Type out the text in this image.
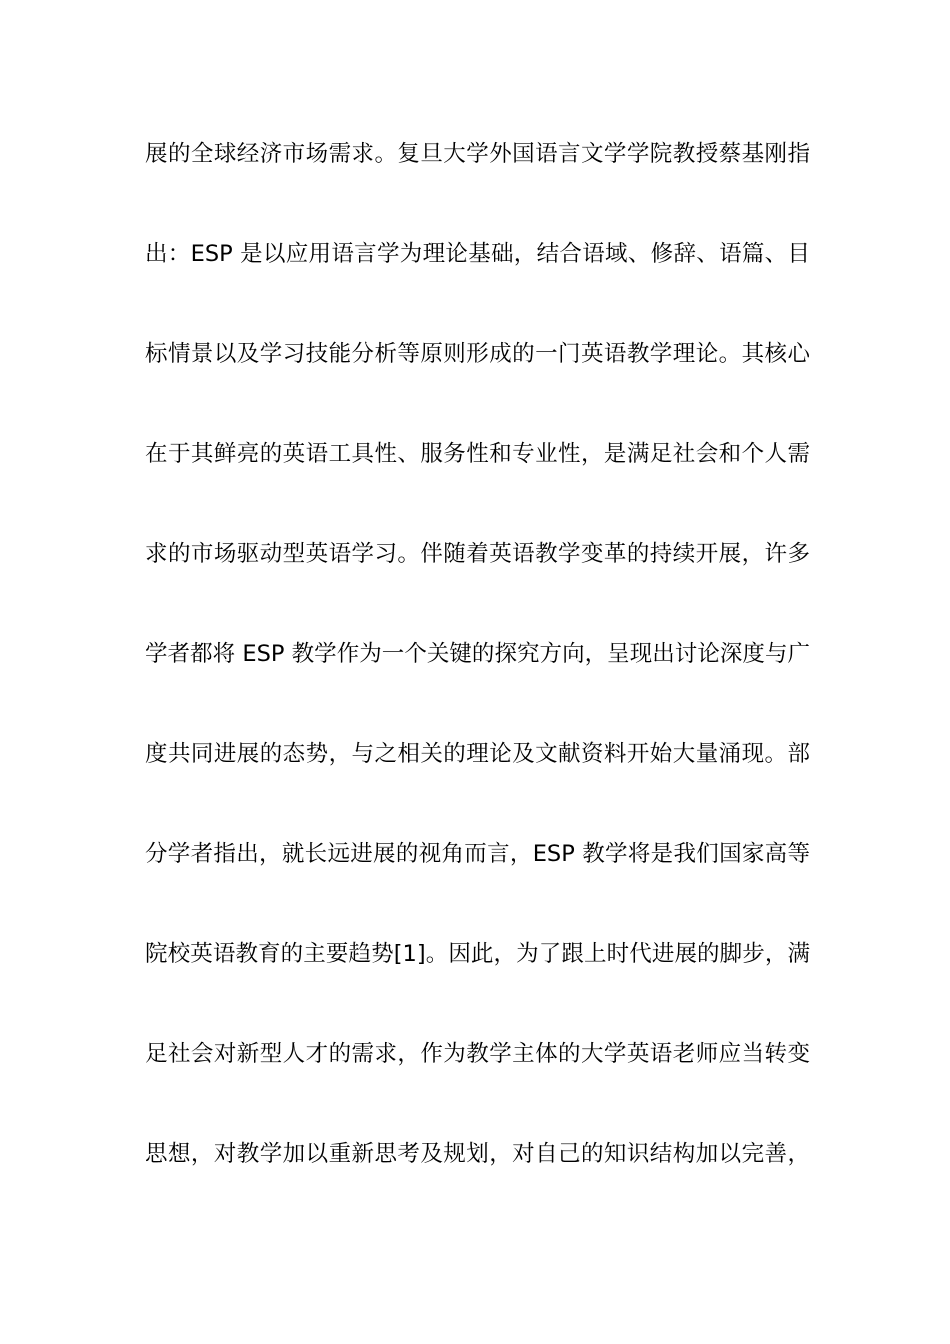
展的全球经济市场需求。复旦大学外国语言文学学院教授蔡基刚指
出：ESP 是以应用语言学为理论基础，结合语域、修辞、语篇、目
标情景以及学习技能分析等原则形成的一门英语教学理论。其核心
在于其鲜亮的英语工具性、服务性和专业性，是满足社会和个人需
求的市场驱动型英语学习。伴随着英语教学变革的持续开展，许多
学者都将 ESP 教学作为一个关键的探究方向，呈现出讨论深度与广
度共同进展的态势，与之相关的理论及文献资料开始大量涌现。部
分学者指出，就长远进展的视角而言，ESP 教学将是我们国家高等
院校英语教育的主要趋势[1]。因此，为了跟上时代进展的脚步，满
足社会对新型人才的需求，作为教学主体的大学英语老师应当转变
思想，对教学加以重新思考及规划，对自己的知识结构加以完善，
